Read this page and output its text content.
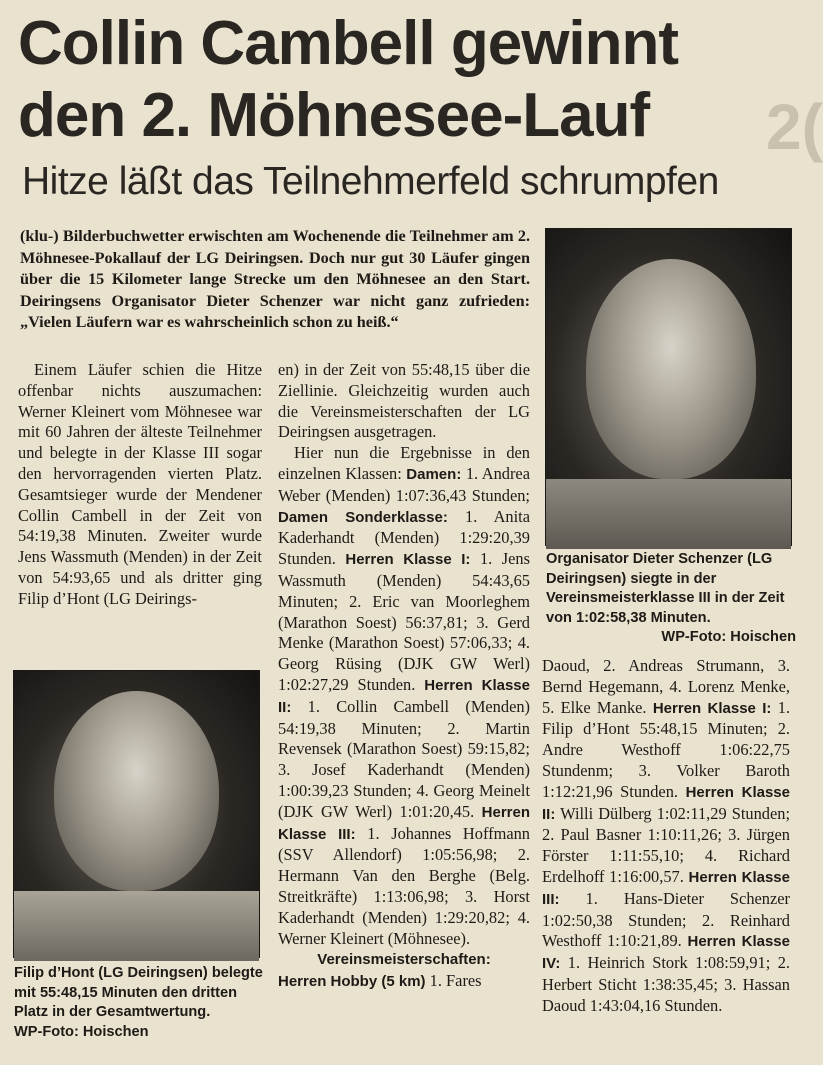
Collin Cambell gewinnt den 2. Möhnesee-Lauf	2(
Hitze läßt das Teilnehmerfeld schrumpfen
(klu-) Bilderbuchwetter erwischten am Wochenende die Teilnehmer am 2. Möhnesee-Pokallauf der LG Deiringsen. Doch nur gut 30 Läufer gingen über die 15 Kilometer lange Strecke um den Möhnesee an den Start. Deiringsens Organisator Dieter Schenzer war nicht ganz zufrieden: „Vielen Läufern war es wahrscheinlich schon zu heiß.“

Einem Läufer schien die Hitze offenbar nichts auszumachen: Werner Kleinert vom Möhnesee war mit 60 Jahren der älteste Teilnehmer und belegte in der Klasse III sogar den hervorragenden vierten Platz. Gesamtsieger wurde der Mendener Collin Cambell in der Zeit von 54:19,38 Minuten. Zweiter wurde Jens Wassmuth (Menden) in der Zeit von 54:93,65 und als dritter ging Filip d’Hont (LG Deirings-

en) in der Zeit von 55:48,15 über die Ziellinie. Gleichzeitig wurden auch die Vereinsmeisterschaften der LG Deiringsen ausgetragen.

Hier nun die Ergebnisse in den einzelnen Klassen: Damen: 1. Andrea Weber (Menden) 1:07:36,43 Stunden; Damen Sonderklasse: 1. Anita Kaderhandt (Menden) 1:29:20,39 Stunden. Herren Klasse I: 1. Jens Wassmuth (Menden) 54:43,65 Minuten; 2. Eric van Moorleghem (Marathon Soest) 56:37,81; 3. Gerd Menke (Marathon Soest) 57:06,33; 4. Georg Rüsing (DJK GW Werl) 1:02:27,29 Stunden. Herren Klasse II: 1. Collin Cambell (Menden) 54:19,38 Minuten; 2. Martin Revensek (Marathon Soest) 59:15,82; 3. Josef Kaderhandt (Menden) 1:00:39,23 Stunden; 4. Georg Meinelt (DJK GW Werl) 1:01:20,45. Herren Klasse III: 1. Johannes Hoffmann (SSV Allendorf) 1:05:56,98; 2. Hermann Van den Berghe (Belg. Streitkräfte) 1:13:06,98; 3. Horst Kaderhandt (Menden) 1:29:20,82; 4. Werner Kleinert (Möhnesee).

Vereinsmeisterschaften:

Herren Hobby (5 km) 1. Fares

Daoud, 2. Andreas Strumann, 3. Bernd Hegemann, 4. Lorenz Menke, 5. Elke Manke. Herren Klasse I: 1. Filip d’Hont 55:48,15 Minuten; 2. Andre Westhoff 1:06:22,75 Stundenm; 3. Volker Baroth 1:12:21,96 Stunden. Herren Klasse II: Willi Dülberg 1:02:11,29 Stunden; 2. Paul Basner 1:10:11,26; 3. Jürgen Förster 1:11:55,10; 4. Richard Erdelhoff 1:16:00,57. Herren Klasse III: 1. Hans-Dieter Schenzer 1:02:50,38 Stunden; 2. Reinhard Westhoff 1:10:21,89. Herren Klasse IV: 1. Heinrich Stork 1:08:59,91; 2. Herbert Sticht 1:38:35,45; 3. Hassan Daoud 1:43:04,16 Stunden.

Organisator Dieter Schenzer (LG Deiringsen) siegte in der Vereinsmeisterklasse III in der Zeit von 1:02:58,38 Minuten.
WP-Foto: Hoischen
Filip d’Hont (LG Deiringsen) belegte mit 55:48,15 Minuten den dritten Platz in der Gesamtwertung.
WP-Foto: Hoischen
